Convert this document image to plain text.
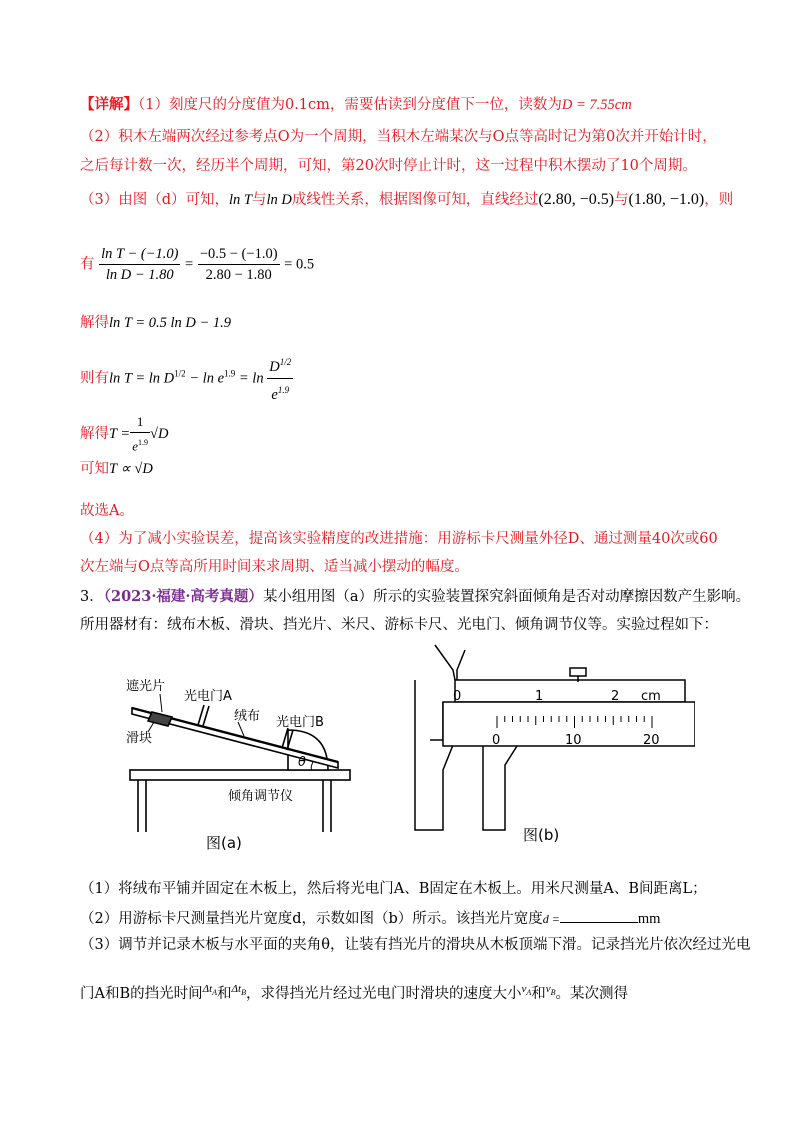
【详解】（1）刻度尺的分度值为0.1cm，需要估读到分度值下一位，读数为D = 7.55cm
（2）积木左端两次经过参考点O为一个周期，当积木左端某次与O点等高时记为第0次并开始计时，
之后每计数一次，经历半个周期，可知，第20次时停止计时，这一过程中积木摆动了10个周期。
（3）由图（d）可知，ln T与ln D成线性关系，根据图像可知，直线经过(2.80, −0.5)与(1.80, −1.0)，则
有 $\frac{\text{ln T − (−1.0)}}{\text{ln D − 1.80}} = \frac{-0.5 - (-1.0)}{2.80 - 1.80} = 0.5$
解得ln T = 0.5 ln D − 1.9
则有$\ln T = \ln D^{1/2} - \ln e^{1.9} = \ln \frac{D^{1/2}}{e^{1.9}}$
解得$T = \frac{1}{e^{1.9}} √D$
可知T ∝ √D
故选A。
（4）为了减小实验误差，提高该实验精度的改进措施：用游标卡尺测量外径D、通过测量40次或60
次左端与O点等高所用时间来求周期、适当减小摆动的幅度。
3．（2023·福建·高考真题）某小组用图（a）所示的实验装置探究斜面倾角是否对动摩擦因数产生影响。
所用器材有：绒布木板、滑块、挡光片、米尺、游标卡尺、光电门、倾角调节仪等。实验过程如下：
遮光片
光电门A
滑块
绒布 光电门B
θ
倾角调节仪
图(a)
0	1	2 cm
0	10	20
图(b)
（1）将绒布平铺并固定在木板上，然后将光电门A、B固定在木板上。用米尺测量A、B间距离L；
（2）用游标卡尺测量挡光片宽度d，示数如图（b）所示。该挡光片宽度d =	mm
（3）调节并记录木板与水平面的夹角θ，让装有挡光片的滑块从木板顶端下滑。记录挡光片依次经过光电
门A和B的挡光时间$^{\Delta t_A}$和$^{\Delta t_B}$，求得挡光片经过光电门时滑块的速度大小$^{v_A}$和$^{v_B}$。某次测得
